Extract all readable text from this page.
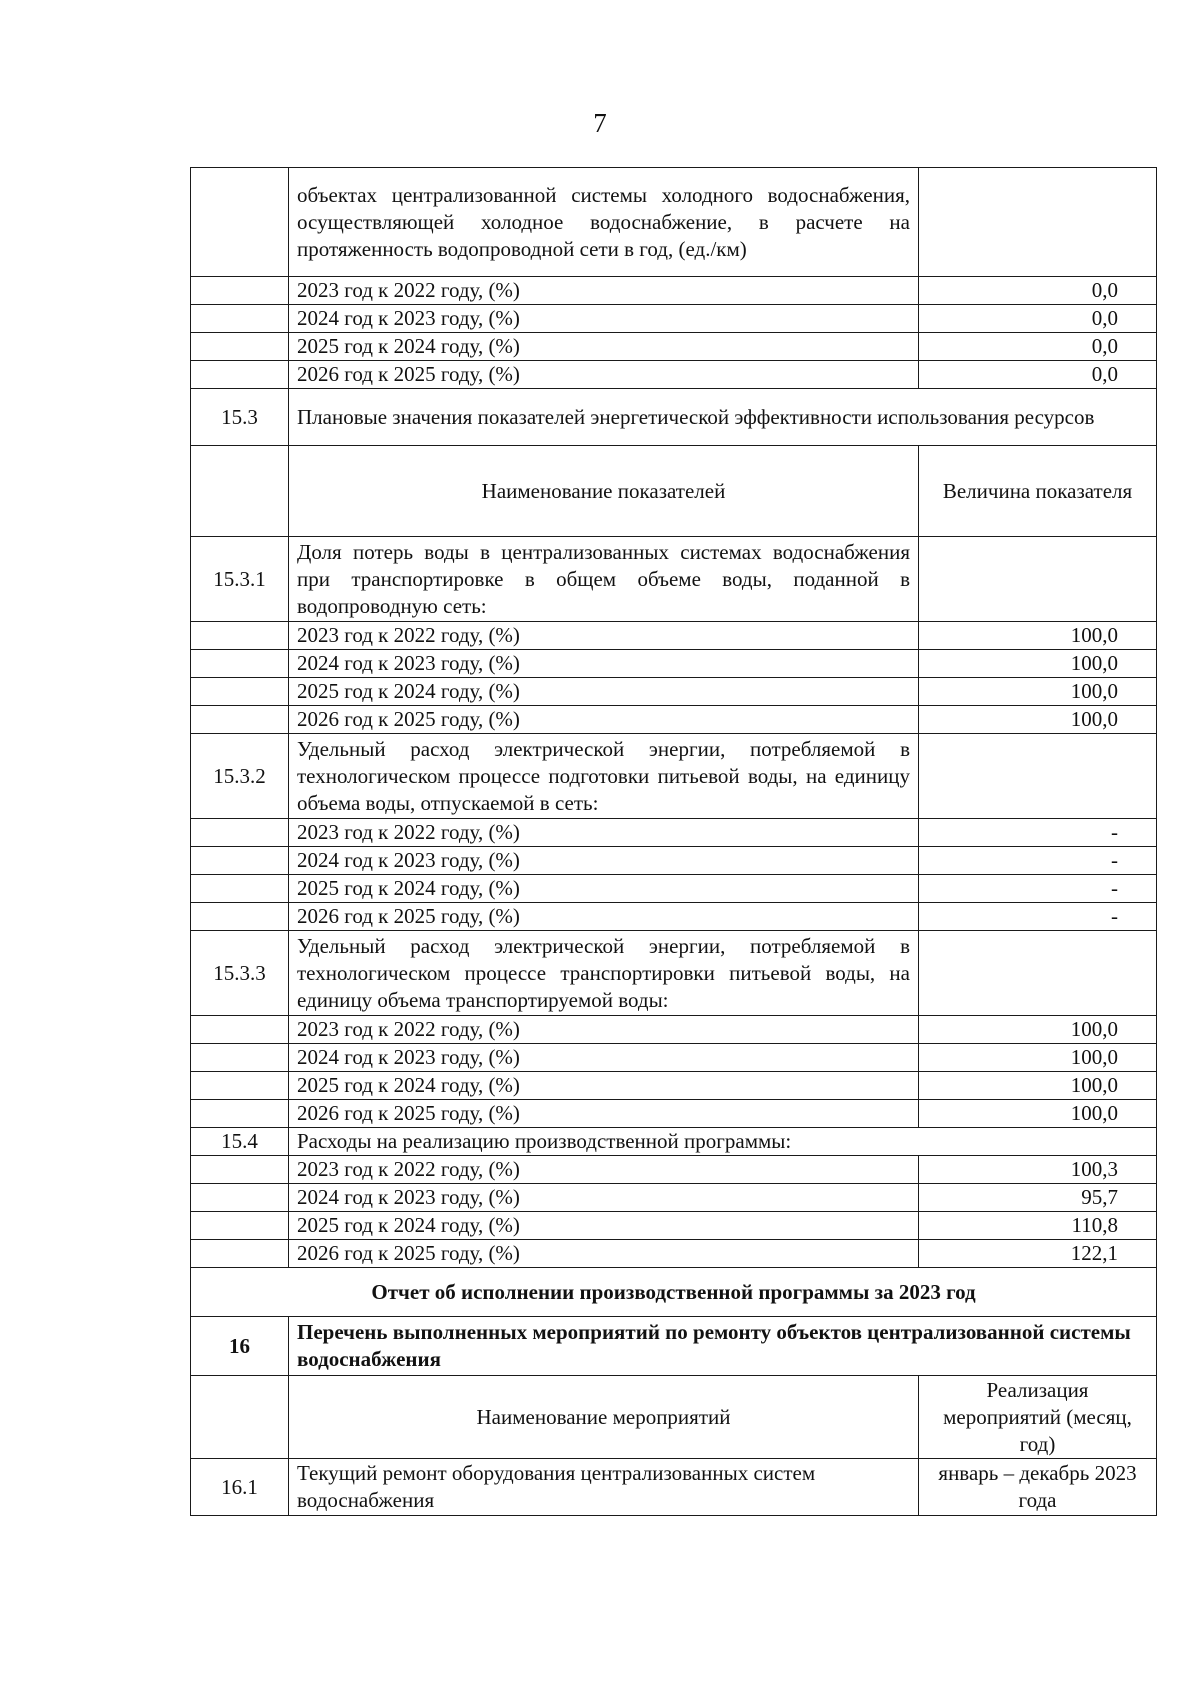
7
	объектах централизованной системы холодного водоснабжения, осуществляющей холодное водоснабжение, в расчете на протяженность водопроводной сети в год, (ед./км)	
	2023 год к 2022 году, (%)	0,0
	2024 год к 2023 году, (%)	0,0
	2025 год к 2024 году, (%)	0,0
	2026 год к 2025 году, (%)	0,0
15.3	Плановые значения показателей энергетической эффективности использования ресурсов	
	Наименование показателей	Величина показателя
15.3.1	Доля потерь воды в централизованных системах водоснабжения при транспортировке в общем объеме воды, поданной в водопроводную сеть:	
	2023 год к 2022 году, (%)	100,0
	2024 год к 2023 году, (%)	100,0
	2025 год к 2024 году, (%)	100,0
	2026 год к 2025 году, (%)	100,0
15.3.2	Удельный расход электрической энергии, потребляемой в технологическом процессе подготовки питьевой воды, на единицу объема воды, отпускаемой в сеть:	
	2023 год к 2022 году, (%)	-
	2024 год к 2023 году, (%)	-
	2025 год к 2024 году, (%)	-
	2026 год к 2025 году, (%)	-
15.3.3	Удельный расход электрической энергии, потребляемой в технологическом процессе транспортировки питьевой воды, на единицу объема транспортируемой воды:	
	2023 год к 2022 году, (%)	100,0
	2024 год к 2023 году, (%)	100,0
	2025 год к 2024 году, (%)	100,0
	2026 год к 2025 году, (%)	100,0
15.4	Расходы на реализацию производственной программы:	
	2023 год к 2022 году, (%)	100,3
	2024 год к 2023 году, (%)	95,7
	2025 год к 2024 году, (%)	110,8
	2026 год к 2025 году, (%)	122,1
Отчет об исполнении производственной программы за 2023 год		
16	Перечень выполненных мероприятий по ремонту объектов централизованной системы водоснабжения	
	Наименование мероприятий	Реализация мероприятий (месяц, год)
16.1	Текущий ремонт оборудования централизованных систем водоснабжения	январь – декабрь 2023 года
